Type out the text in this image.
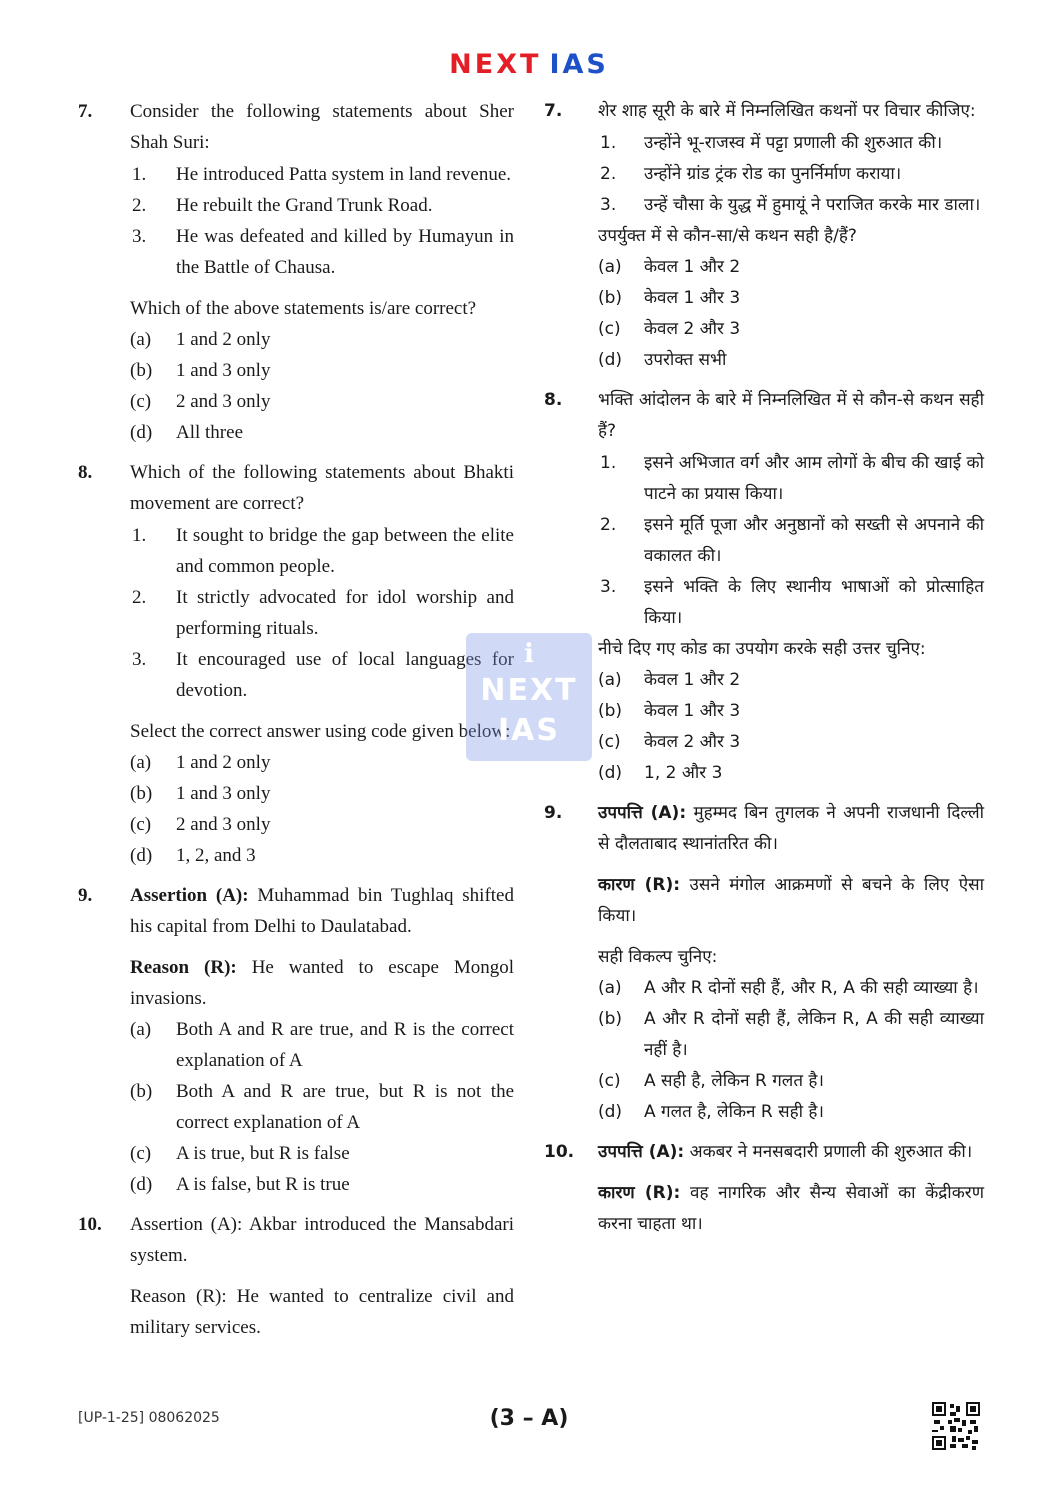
NEXT IAS
7. Consider the following statements about Sher Shah Suri:
1. He introduced Patta system in land revenue.
2. He rebuilt the Grand Trunk Road.
3. He was defeated and killed by Humayun in the Battle of Chausa.
Which of the above statements is/are correct?
(a) 1 and 2 only
(b) 1 and 3 only
(c) 2 and 3 only
(d) All three
8. Which of the following statements about Bhakti movement are correct?
1. It sought to bridge the gap between the elite and common people.
2. It strictly advocated for idol worship and performing rituals.
3. It encouraged use of local languages for devotion.
Select the correct answer using code given below:
(a) 1 and 2 only
(b) 1 and 3 only
(c) 2 and 3 only
(d) 1, 2, and 3
9. Assertion (A): Muhammad bin Tughlaq shifted his capital from Delhi to Daulatabad.
Reason (R): He wanted to escape Mongol invasions.
(a) Both A and R are true, and R is the correct explanation of A
(b) Both A and R are true, but R is not the correct explanation of A
(c) A is true, but R is false
(d) A is false, but R is true
10. Assertion (A): Akbar introduced the Mansabdari system.
Reason (R): He wanted to centralize civil and military services.
7. शेर शाह सूरी के बारे में निम्नलिखित कथनों पर विचार कीजिए:
1. उन्होंने भू-राजस्व में पट्टा प्रणाली की शुरुआत की।
2. उन्होंने ग्रांड ट्रंक रोड का पुनर्निर्माण कराया।
3. उन्हें चौसा के युद्ध में हुमायूं ने पराजित करके मार डाला।
उपर्युक्त में से कौन-सा/से कथन सही है/हैं?
(a) केवल 1 और 2
(b) केवल 1 और 3
(c) केवल 2 और 3
(d) उपरोक्त सभी
8. भक्ति आंदोलन के बारे में निम्नलिखित में से कौन-से कथन सही हैं?
1. इसने अभिजात वर्ग और आम लोगों के बीच की खाई को पाटने का प्रयास किया।
2. इसने मूर्ति पूजा और अनुष्ठानों को सख्ती से अपनाने की वकालत की।
3. इसने भक्ति के लिए स्थानीय भाषाओं को प्रोत्साहित किया।
नीचे दिए गए कोड का उपयोग करके सही उत्तर चुनिए:
(a) केवल 1 और 2
(b) केवल 1 और 3
(c) केवल 2 और 3
(d) 1, 2 और 3
9. उपपत्ति (A): मुहम्मद बिन तुगलक ने अपनी राजधानी दिल्ली से दौलताबाद स्थानांतरित की।
कारण (R): उसने मंगोल आक्रमणों से बचने के लिए ऐसा किया।
सही विकल्प चुनिए:
(a) A और R दोनों सही हैं, और R, A की सही व्याख्या है।
(b) A और R दोनों सही हैं, लेकिन R, A की सही व्याख्या नहीं है।
(c) A सही है, लेकिन R गलत है।
(d) A गलत है, लेकिन R सही है।
10. उपपत्ति (A): अकबर ने मनसबदारी प्रणाली की शुरुआत की।
कारण (R): वह नागरिक और सैन्य सेवाओं का केंद्रीकरण करना चाहता था।
ℹ
NEXT
IAS
[UP-1-25] 08062025	(3 – A)
